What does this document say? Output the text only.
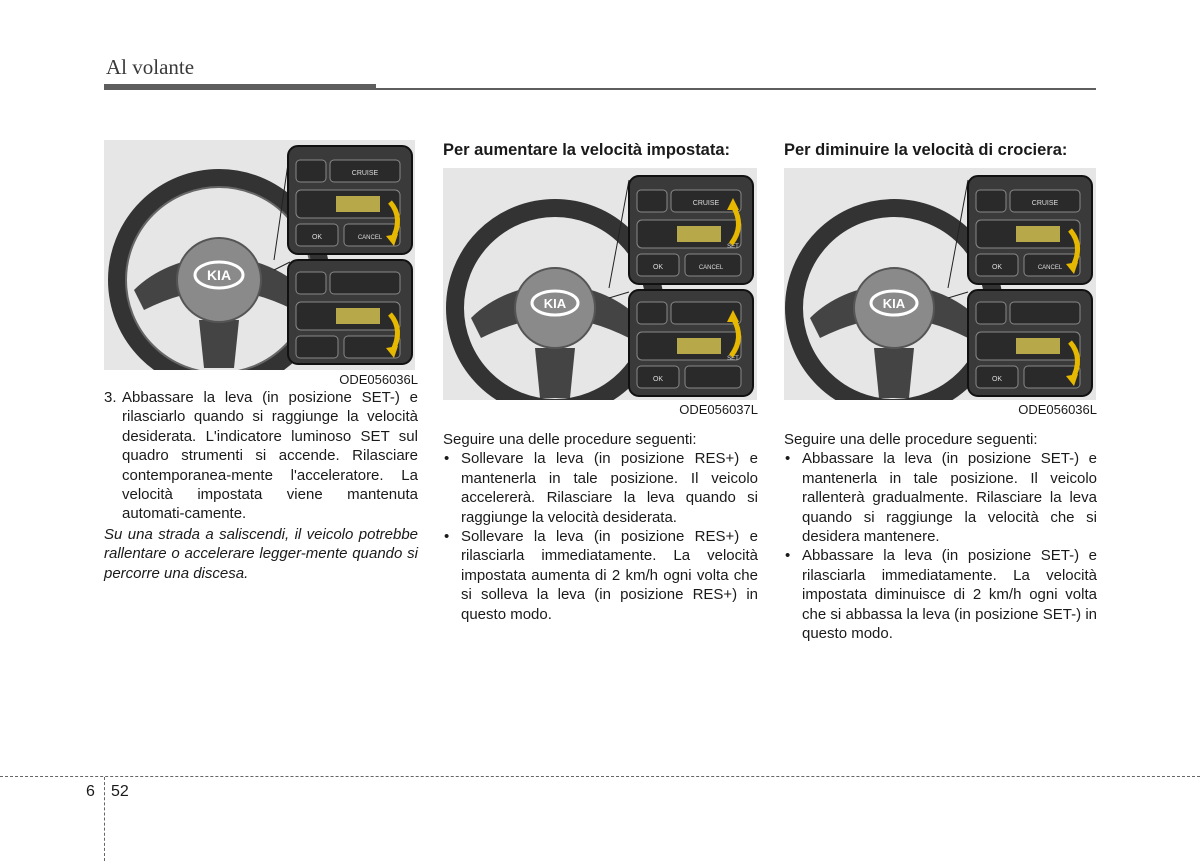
Al volante
KIA
CRUISE
OK	CANCEL
ODE056036L
3. Abbassare la leva (in posizione SET-) e rilasciarlo quando si raggiunge la velocità desiderata. L'indicatore luminoso SET sul quadro strumenti si accende. Rilasciare contemporanea-mente l'acceleratore. La velocità impostata viene mantenuta automati-camente.
Su una strada a saliscendi, il veicolo potrebbe rallentare o accelerare legger-mente quando si percorre una discesa.
Per aumentare la velocità impostata:
KIA
CRUISE
SET
OK	CANCEL
SET
OK
ODE056037L
Seguire una delle procedure seguenti:
• Sollevare la leva (in posizione RES+) e mantenerla in tale posizione. Il veicolo accelererà. Rilasciare la leva quando si raggiunge la velocità desiderata.
• Sollevare la leva (in posizione RES+) e rilasciarla immediatamente. La velocità impostata aumenta di 2 km/h ogni volta che si solleva la leva (in posizione RES+) in questo modo.
Per diminuire la velocità di crociera:
KIA
CRUISE
OK	CANCEL
OK
ODE056036L
Seguire una delle procedure seguenti:
• Abbassare la leva (in posizione SET-) e mantenerla in tale posizione. Il veicolo rallenterà gradualmente. Rilasciare la leva quando si raggiunge la velocità che si desidera mantenere.
• Abbassare la leva (in posizione SET-) e rilasciarla immediatamente. La velocità impostata diminuisce di 2 km/h ogni volta che si abbassa la leva (in posizione SET-) in questo modo.
6 52
